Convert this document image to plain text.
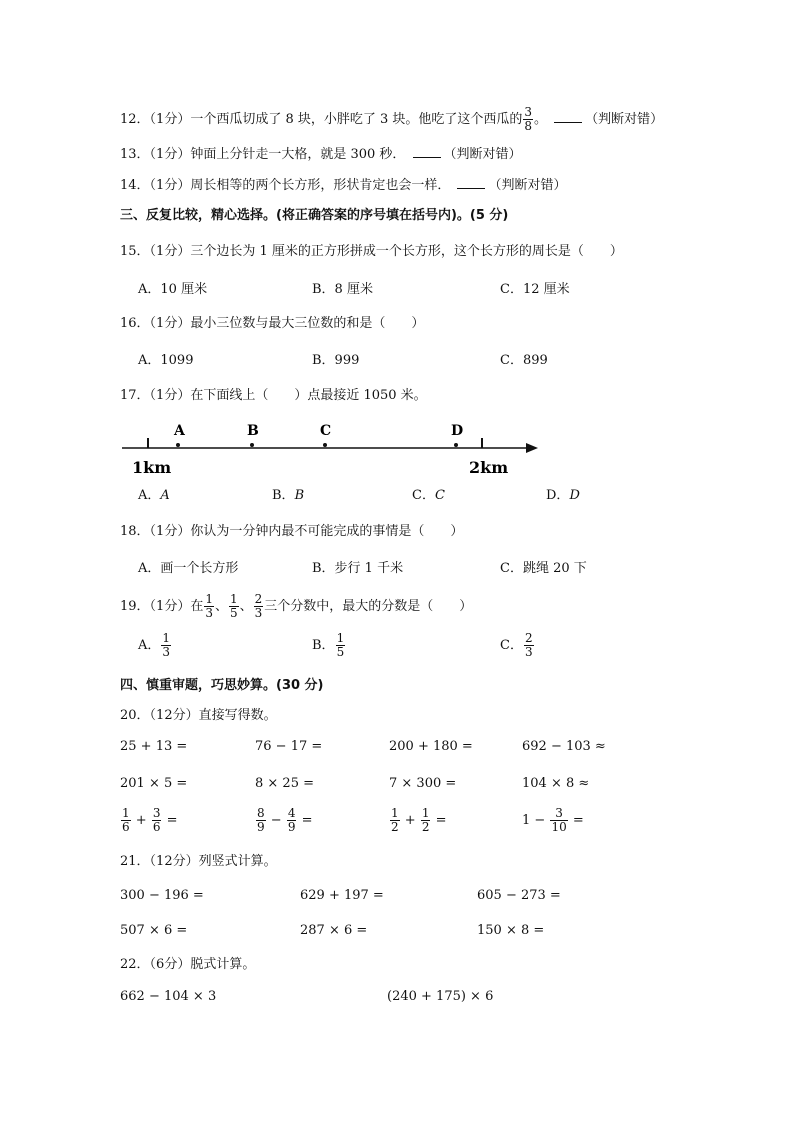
12．（1分）一个西瓜切成了 8 块，小胖吃了 3 块。他吃了这个西瓜的 $\frac{3}{8}$ 。	（判断对错）
13．（1分）钟面上分针走一大格，就是 300 秒．	（判断对错）
14．（1分）周长相等的两个长方形，形状肯定也会一样．	（判断对错）
三、反复比较，精心选择。(将正确答案的序号填在括号内)。(5 分)
15．（1分）三个边长为 1 厘米的正方形拼成一个长方形，这个长方形的周长是（　　）
A．10 厘米	B．8 厘米	C．12 厘米
16．（1分）最小三位数与最大三位数的和是（　　）
A．1099	B．999	C．899
17．（1分）在下面线上（　　）点最接近 1050 米。
A	B	C	D
1km	2km
A．A	B．B	C．C	D．D
18．（1分）你认为一分钟内最不可能完成的事情是（　　）
A．画一个长方形	B．步行 1 千米	C．跳绳 20 下
19．（1分）在 $\frac{1}{3}$ 、 $\frac{1}{5}$ 、 $\frac{2}{3}$ 三个分数中，最大的分数是（　　）
A． $\frac{1}{3}$	B． $\frac{1}{5}$	C． $\frac{2}{3}$
四、慎重审题，巧思妙算。(30 分)
20．（12分）直接写得数。
25 + 13 =	76 − 17 =	200 + 180 =	692 − 103 ≈
201 × 5 =	8 × 25 =	7 × 300 =	104 × 8 ≈
$\frac{1}{6} + \frac{3}{6}$ =	$\frac{8}{9} - \frac{4}{9}$ =	$\frac{1}{2} + \frac{1}{2}$ =	$1 - \frac{3}{10}$ =
21．（12分）列竖式计算。
300 − 196 =	629 + 197 =	605 − 273 =
507 × 6 =	287 × 6 =	150 × 8 =
22．（6分）脱式计算。
662 − 104 × 3	(240 + 175) × 6
